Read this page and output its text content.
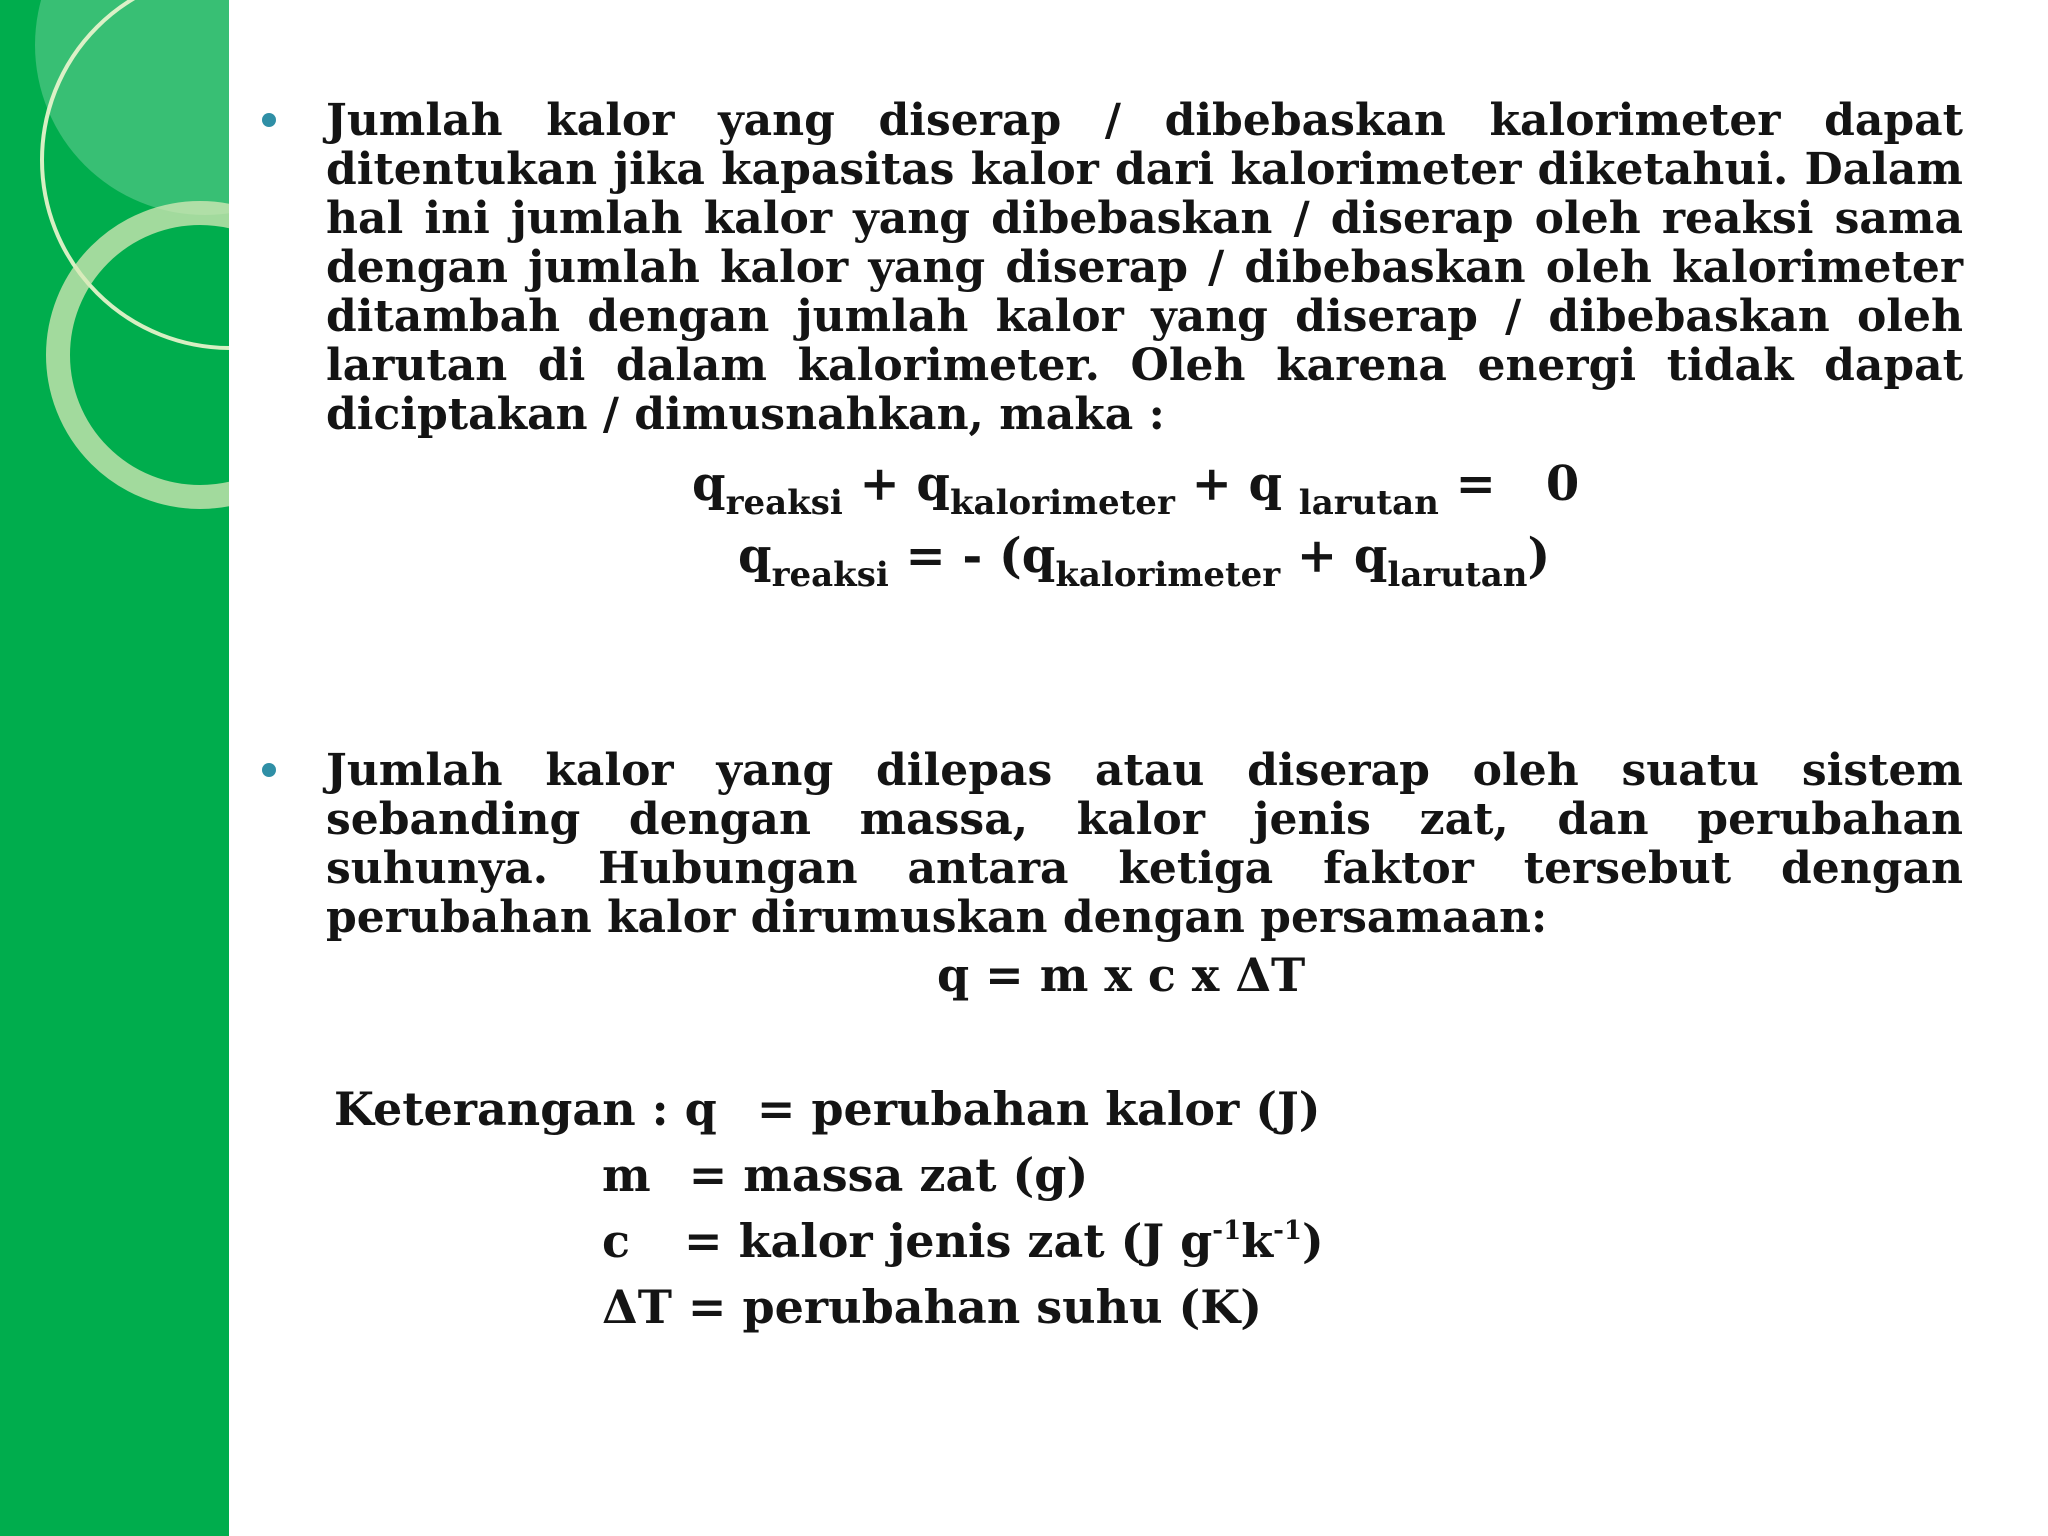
Jumlah kalor yang diserap / dibebaskan kalorimeter dapat ditentukan jika kapasitas kalor dari kalorimeter diketahui. Dalam hal ini jumlah kalor yang dibebaskan / diserap oleh reaksi sama dengan jumlah kalor yang diserap / dibebaskan oleh kalorimeter ditambah dengan jumlah kalor yang diserap / dibebaskan oleh larutan di dalam kalorimeter. Oleh karena energi tidak dapat diciptakan / dimusnahkan, maka :

$q_{reaksi} + q_{kalorimeter} + q$ $_{larutan}$ =   0
$q_{reaksi}$ = - $(q_{kalorimeter} + q_{larutan})$

Jumlah kalor yang dilepas atau diserap oleh suatu sistem sebanding dengan massa, kalor jenis zat, dan perubahan suhunya. Hubungan antara ketiga faktor tersebut dengan perubahan kalor dirumuskan dengan persamaan:

q = m x c x ΔT
Keterangan : q = perubahan kalor (J)
m = massa zat (g)
c = kalor jenis zat (J $g^{-1}k^{-1}$)
ΔT = perubahan suhu (K)
